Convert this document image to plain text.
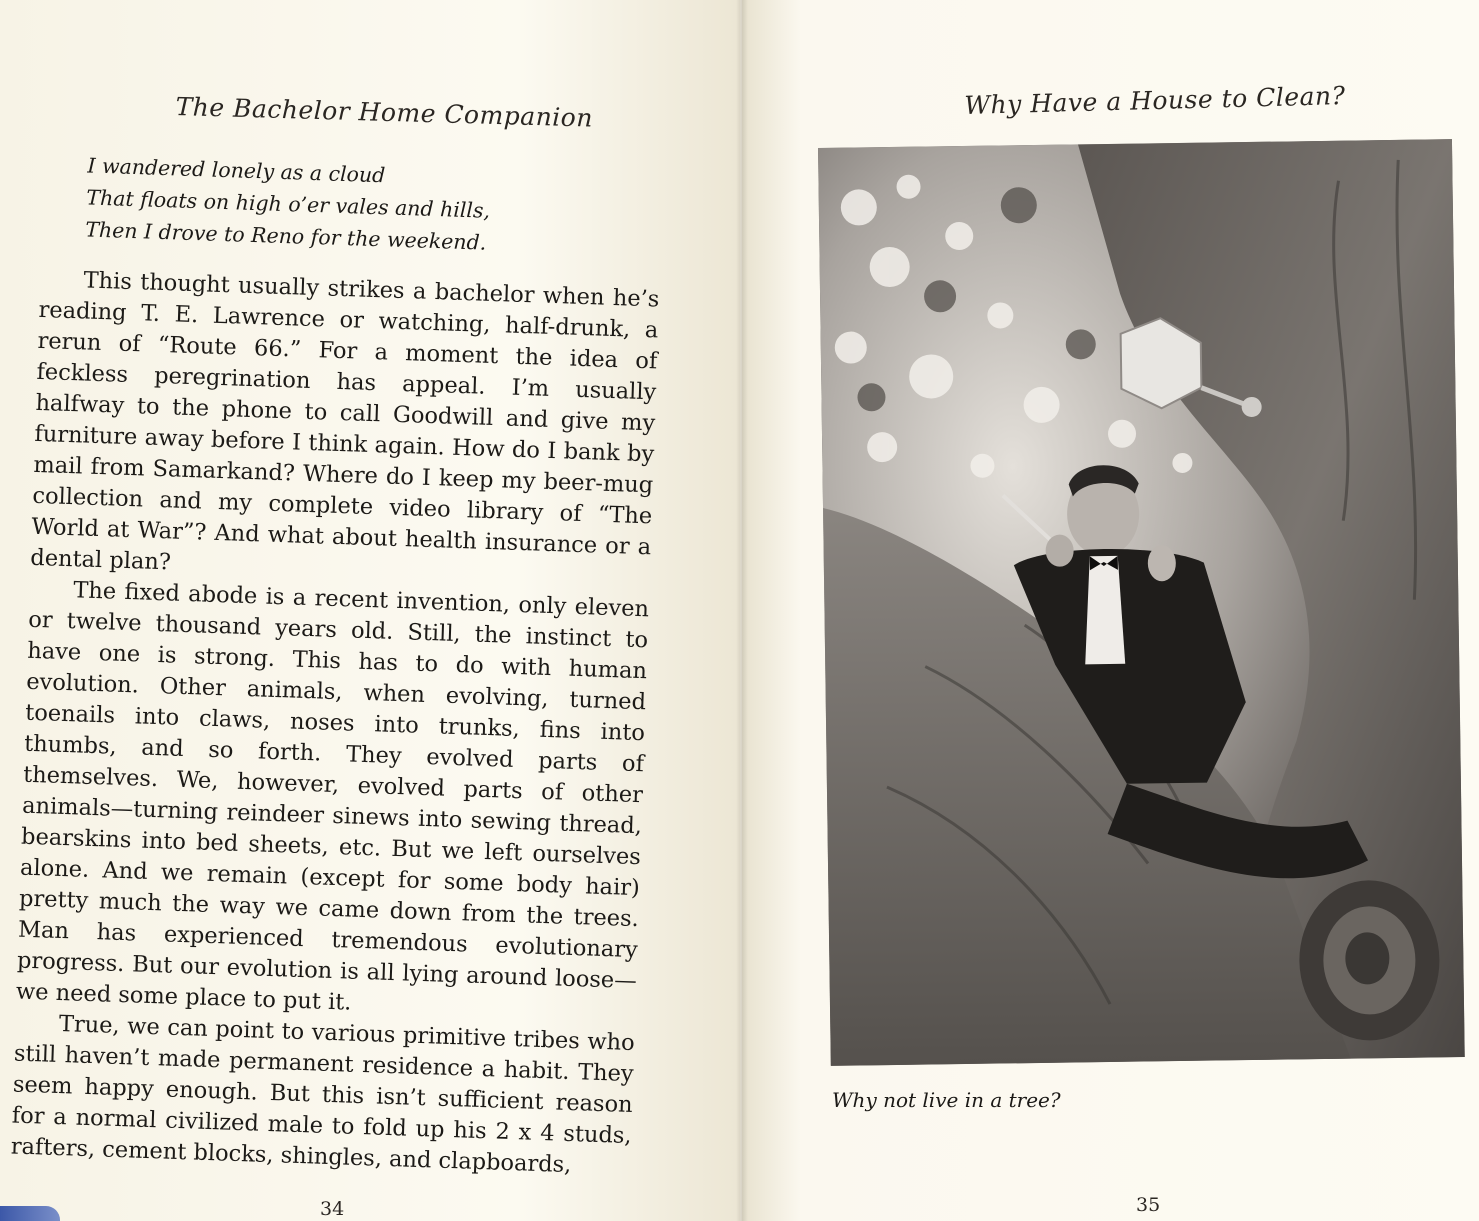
The Bachelor Home Companion	Why Have a House to Clean?
I wandered lonely as a cloud
That floats on high o’er vales and hills,
Then I drove to Reno for the weekend.

This thought usually strikes a bachelor when he’s reading T. E. Lawrence or watching, half-drunk, a rerun of “Route 66.” For a moment the idea of feckless peregrination has appeal. I’m usually halfway to the phone to call Goodwill and give my furniture away before I think again. How do I bank by mail from Samarkand? Where do I keep my beer-mug collection and my complete video library of “The World at War”? And what about health insurance or a dental plan?

The fixed abode is a recent invention, only eleven or twelve thousand years old. Still, the instinct to have one is strong. This has to do with human evolution. Other animals, when evolving, turned toenails into claws, noses into trunks, fins into thumbs, and so forth. They evolved parts of themselves. We, however, evolved parts of other animals—turning reindeer sinews into sewing thread, bearskins into bed sheets, etc. But we left ourselves alone. And we remain (except for some body hair) pretty much the way we came down from the trees. Man has experienced tremendous evolutionary progress. But our evolution is all lying around loose—we need some place to put it.

True, we can point to various primitive tribes who still haven’t made permanent residence a habit. They seem happy enough. But this isn’t sufficient reason for a normal civilized male to fold up his 2 x 4 studs, rafters, cement blocks, shingles, and clapboards,

Why not live in a tree?
34	35
